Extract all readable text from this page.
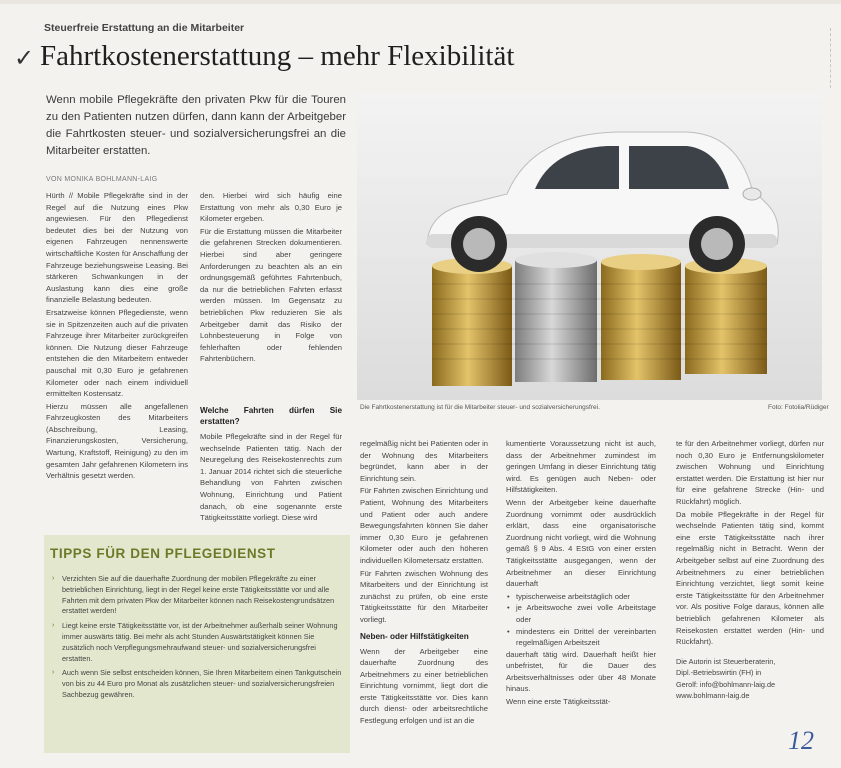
Steuerfreie Erstattung an die Mitarbeiter
✓ Fahrtkostenerstattung – mehr Flexibilität
Wenn mobile Pflegekräfte den privaten Pkw für die Touren zu den Patienten nutzen dürfen, dann kann der Arbeitgeber die Fahrtkosten steuer- und sozialversicherungsfrei an die Mitarbeiter erstatten.
VON MONIKA BOHLMANN-LAIG

Hürth // Mobile Pflegekräfte sind in der Regel auf die Nutzung eines Pkw angewiesen. Für den Pflegedienst bedeutet dies bei der Nutzung von eigenen Fahrzeugen nennenswerte wirtschaftliche Kosten für Anschaffung der Fahrzeuge beziehungsweise Leasing. Bei stärkeren Schwankungen in der Auslastung kann dies eine große finanzielle Belastung bedeuten.

Ersatzweise können Pflegedienste, wenn sie in Spitzenzeiten auch auf die privaten Fahrzeuge ihrer Mitarbeiter zurückgreifen können. Die Nutzung dieser Fahrzeuge entstehen die den Mitarbeitern entweder pauschal mit 0,30 Euro je gefahrenen Kilometer oder nach einem individuell ermittelten Kostensatz.

Hierzu müssen alle angefallenen Fahrzeugkosten des Mitarbeiters (Abschreibung, Leasing, Finanzierungskosten, Versicherung, Wartung, Kraftstoff, Reinigung) zu den im gesamten Jahr gefahrenen Kilometern ins Verhältnis gesetzt werden.

den. Hierbei wird sich häufig eine Erstattung von mehr als 0,30 Euro je Kilometer ergeben.

Für die Erstattung müssen die Mitarbeiter die gefahrenen Strecken dokumentieren. Hierbei sind aber geringere Anforderungen zu beachten als an ein ordnungsgemäß geführtes Fahrtenbuch, da nur die betrieblichen Fahrten erfasst werden müssen. Im Gegensatz zu betrieblichen Pkw reduzieren Sie als Arbeitgeber damit das Risiko der Lohnbesteuerung in Folge von fehlerhaften oder fehlenden Fahrtenbüchern.

Welche Fahrten dürfen Sie erstatten?

Mobile Pflegekräfte sind in der Regel für wechselnde Patienten tätig. Nach der Neuregelung des Reisekostenrechts zum 1. Januar 2014 richtet sich die steuerliche Behandlung von Fahrten zwischen Wohnung, Einrichtung und Patient danach, ob eine sogenannte erste Tätigkeitsstätte vorliegt. Diese wird

Die Fahrtkostenerstattung ist für die Mitarbeiter steuer- und sozialversicherungsfrei.	Foto: Fotolia/Rüdiger

regelmäßig nicht bei Patienten oder in der Wohnung des Mitarbeiters begründet, kann aber in der Einrichtung sein.

Für Fahrten zwischen Einrichtung und Patient, Wohnung des Mitarbeiters und Patient oder auch andere Bewegungsfahrten können Sie daher immer 0,30 Euro je gefahrenen Kilometer oder auch den höheren individuellen Kilometersatz erstatten.

Für Fahrten zwischen Wohnung des Mitarbeiters und der Einrichtung ist zunächst zu prüfen, ob eine erste Tätigkeitsstätte für den Mitarbeiter vorliegt.

Neben- oder Hilfstätigkeiten

Wenn der Arbeitgeber eine dauerhafte Zuordnung des Arbeitnehmers zu einer betrieblichen Einrichtung vornimmt, liegt dort die erste Tätigkeitsstätte vor. Dies kann durch dienst- oder arbeitsrechtliche Festlegung erfolgen und ist an die

kumentierte Voraussetzung nicht ist auch, dass der Arbeitnehmer zumindest im geringen Umfang in dieser Einrichtung tätig wird. Es genügen auch Neben- oder Hilfstätigkeiten.

Wenn der Arbeitgeber keine dauerhafte Zuordnung vornimmt oder ausdrücklich erklärt, dass eine organisatorische Zuordnung nicht vorliegt, wird die Wohnung gemäß § 9 Abs. 4 EStG von einer ersten Tätigkeitsstätte ausgegangen, wenn der Arbeitnehmer an dieser Einrichtung dauerhaft

• typischerweise arbeitstäglich oder
• je Arbeitswoche zwei volle Arbeitstage oder
• mindestens ein Drittel der vereinbarten regelmäßigen Arbeitszeit

dauerhaft tätig wird. Dauerhaft heißt hier unbefristet, für die Dauer des Arbeitsverhältnisses oder über 48 Monate hinaus.

Wenn eine erste Tätigkeitsstät-

te für den Arbeitnehmer vorliegt, dürfen nur noch 0,30 Euro je Entfernungskilometer zwischen Wohnung und Einrichtung erstattet werden. Die Erstattung ist hier nur für eine gefahrene Strecke (Hin- und Rückfahrt) möglich.

Da mobile Pflegekräfte in der Regel für wechselnde Patienten tätig sind, kommt eine erste Tätigkeitsstätte nach ihrer regelmäßig nicht in Betracht. Wenn der Arbeitgeber selbst auf eine Zuordnung des Arbeitnehmers zu einer betrieblichen Einrichtung verzichtet, liegt somit keine erste Tätigkeitsstätte für den Arbeitnehmer vor. Als positive Folge daraus, können alle betrieblich gefahrenen Kilometer als Reisekosten erstattet werden (Hin- und Rückfahrt).

Die Autorin ist Steuerberaterin,
Dipl.-Betriebswirtin (FH) in
Gerolf: info@bohlmann-laig.de
www.bohlmann-laig.de
TIPPS FÜR DEN PFLEGEDIENST
› Verzichten Sie auf die dauerhafte Zuordnung der mobilen Pflegekräfte zu einer betrieblichen Einrichtung, liegt in der Regel keine erste Tätigkeitsstätte vor und alle Fahrten mit dem privaten Pkw der Mitarbeiter können nach Reisekostengrundsätzen erstattet werden!
› Liegt keine erste Tätigkeitsstätte vor, ist der Arbeitnehmer außerhalb seiner Wohnung immer auswärts tätig. Bei mehr als acht Stunden Auswärtstätigkeit können Sie zusätzlich noch Verpflegungsmehraufwand steuer- und sozialversicherungsfrei erstatten.
› Auch wenn Sie selbst entscheiden können, Sie Ihren Mitarbeitern einen Tankgutschein von bis zu 44 Euro pro Monat als zusätzlichen steuer- und sozialversicherungsfreien Sachbezug gewähren.
12
